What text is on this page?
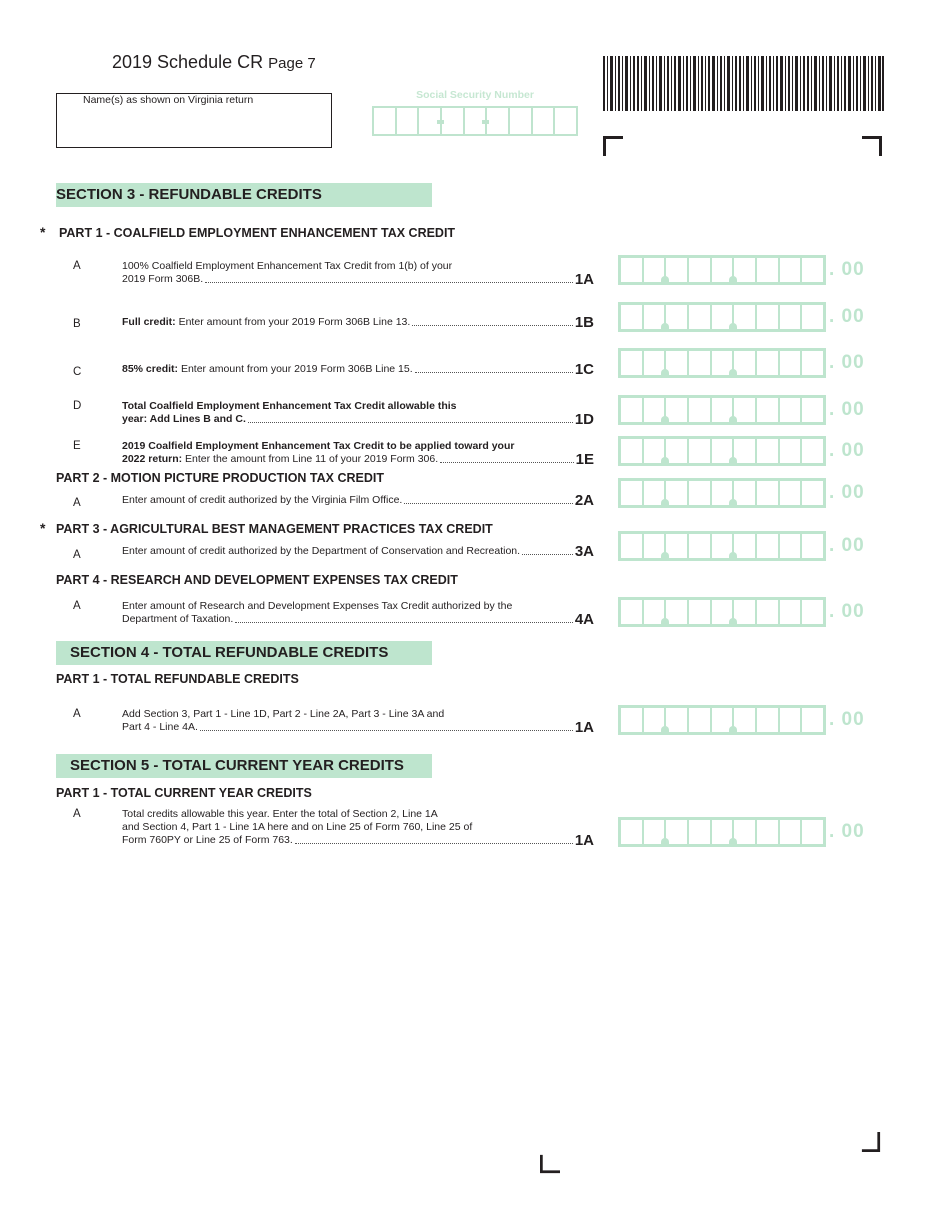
2019 Schedule CR Page 7
Name(s) as shown on Virginia return	Social Security Number
SECTION 3 - REFUNDABLE CREDITS
* PART 1 - COALFIELD EMPLOYMENT ENHANCEMENT TAX CREDIT
A	100% Coalfield Employment Enhancement Tax Credit from 1(b) of your
2019 Form 306B.	1A	. 00
B	Full credit: Enter amount from your 2019 Form 306B Line 13.	1B	. 00
C	85% credit: Enter amount from your 2019 Form 306B Line 15.	1C	. 00
D	Total Coalfield Employment Enhancement Tax Credit allowable this
year: Add Lines B and C.	1D	. 00
E	2019 Coalfield Employment Enhancement Tax Credit to be applied toward your
2022 return: Enter the amount from Line 11 of your 2019 Form 306.	1E	. 00
PART 2 - MOTION PICTURE PRODUCTION TAX CREDIT
A	Enter amount of credit authorized by the Virginia Film Office.	2A	. 00
* PART 3 - AGRICULTURAL BEST MANAGEMENT PRACTICES TAX CREDIT
A	Enter amount of credit authorized by the Department of Conservation and Recreation.	3A	. 00
PART 4 - RESEARCH AND DEVELOPMENT EXPENSES TAX CREDIT
A	Enter amount of Research and Development Expenses Tax Credit authorized by the
Department of Taxation.	4A	. 00
SECTION 4 - TOTAL REFUNDABLE CREDITS
PART 1 - TOTAL REFUNDABLE CREDITS
A	Add Section 3, Part 1 - Line 1D, Part 2 - Line 2A, Part 3 - Line 3A and
Part 4 - Line 4A.	1A	. 00
SECTION 5 - TOTAL CURRENT YEAR CREDITS
PART 1 - TOTAL CURRENT YEAR CREDITS
A	Total credits allowable this year. Enter the total of Section 2, Line 1A
and Section 4, Part 1 - Line 1A here and on Line 25 of Form 760, Line 25 of
Form 760PY or Line 25 of Form 763.	1A	. 00
